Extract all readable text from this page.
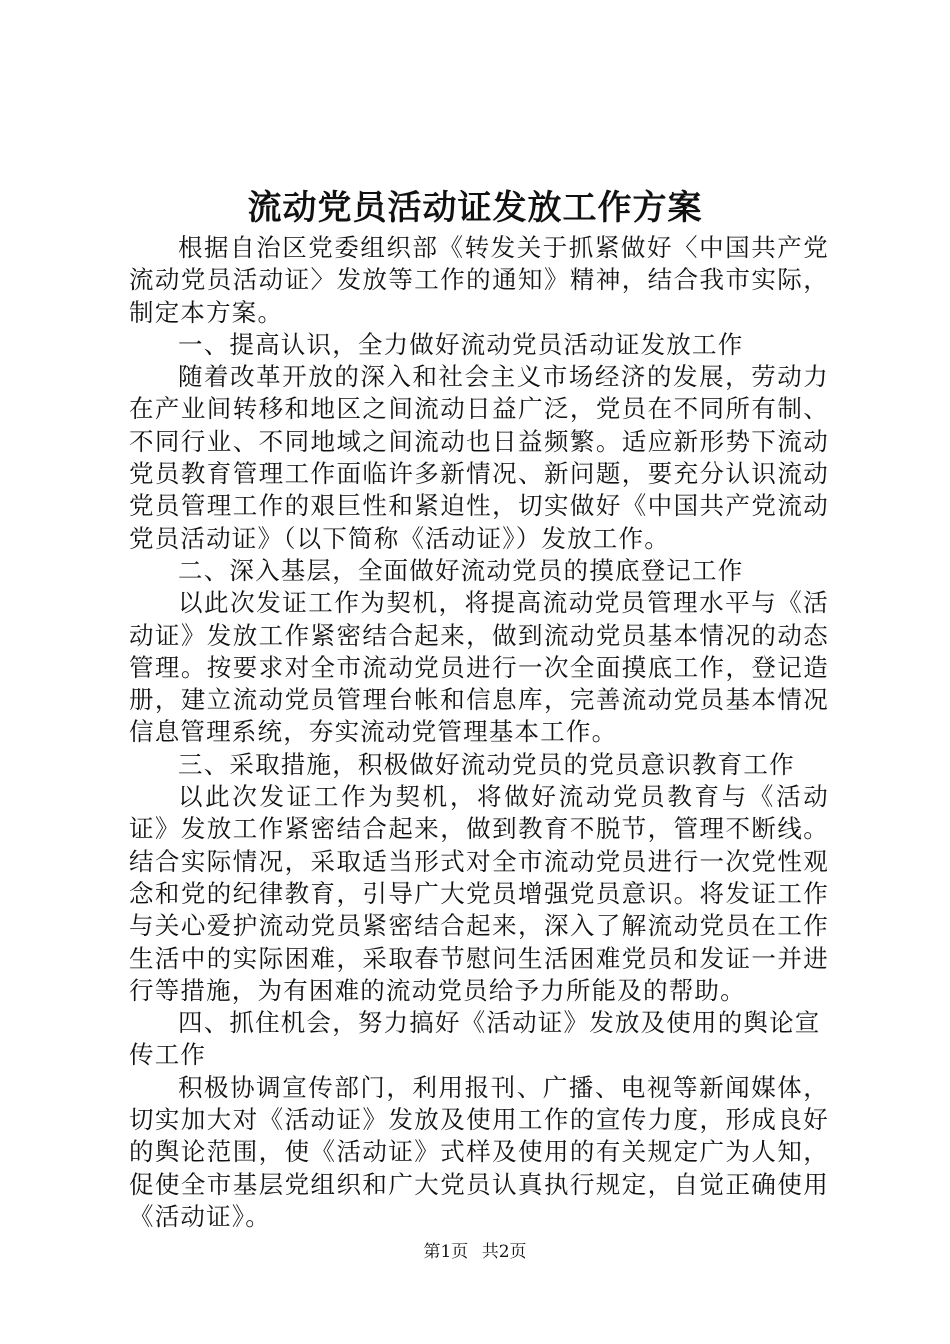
流动党员活动证发放工作方案

根据自治区党委组织部《转发关于抓紧做好〈中国共产党流动党员活动证〉发放等工作的通知》精神，结合我市实际，制定本方案。

一、提高认识，全力做好流动党员活动证发放工作

随着改革开放的深入和社会主义市场经济的发展，劳动力在产业间转移和地区之间流动日益广泛，党员在不同所有制、不同行业、不同地域之间流动也日益频繁。适应新形势下流动党员教育管理工作面临许多新情况、新问题，要充分认识流动党员管理工作的艰巨性和紧迫性，切实做好《中国共产党流动党员活动证》（以下简称《活动证》）发放工作。

二、深入基层，全面做好流动党员的摸底登记工作

以此次发证工作为契机，将提高流动党员管理水平与《活动证》发放工作紧密结合起来，做到流动党员基本情况的动态管理。按要求对全市流动党员进行一次全面摸底工作，登记造册，建立流动党员管理台帐和信息库，完善流动党员基本情况信息管理系统，夯实流动党管理基本工作。

三、采取措施，积极做好流动党员的党员意识教育工作

以此次发证工作为契机，将做好流动党员教育与《活动证》发放工作紧密结合起来，做到教育不脱节，管理不断线。结合实际情况，采取适当形式对全市流动党员进行一次党性观念和党的纪律教育，引导广大党员增强党员意识。将发证工作与关心爱护流动党员紧密结合起来，深入了解流动党员在工作生活中的实际困难，采取春节慰问生活困难党员和发证一并进行等措施，为有困难的流动党员给予力所能及的帮助。

四、抓住机会，努力搞好《活动证》发放及使用的舆论宣传工作

积极协调宣传部门，利用报刊、广播、电视等新闻媒体，切实加大对《活动证》发放及使用工作的宣传力度，形成良好的舆论范围，使《活动证》式样及使用的有关规定广为人知，促使全市基层党组织和广大党员认真执行规定，自觉正确使用《活动证》。

第1页 共2页
